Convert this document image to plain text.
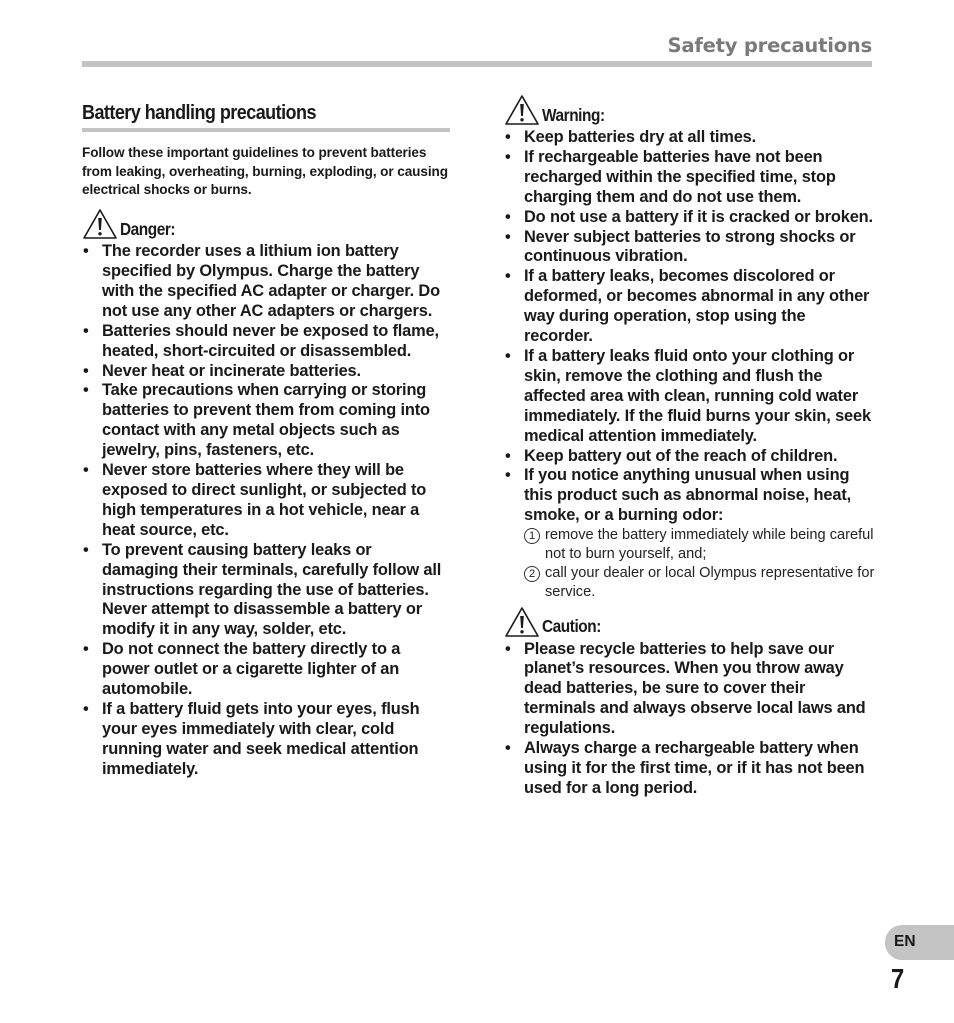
Safety precautions
Battery handling precautions

Follow these important guidelines to prevent batteries from leaking, overheating, burning, exploding, or causing electrical shocks or burns.

Danger:
• The recorder uses a lithium ion battery specified by Olympus. Charge the battery with the specified AC adapter or charger. Do not use any other AC adapters or chargers.
• Batteries should never be exposed to flame, heated, short-circuited or disassembled.
• Never heat or incinerate batteries.
• Take precautions when carrying or storing batteries to prevent them from coming into contact with any metal objects such as jewelry, pins, fasteners, etc.
• Never store batteries where they will be exposed to direct sunlight, or subjected to high temperatures in a hot vehicle, near a heat source, etc.
• To prevent causing battery leaks or damaging their terminals, carefully follow all instructions regarding the use of batteries. Never attempt to disassemble a battery or modify it in any way, solder, etc.
• Do not connect the battery directly to a power outlet or a cigarette lighter of an automobile.
• If a battery fluid gets into your eyes, flush your eyes immediately with clear, cold running water and seek medical attention immediately.
Warning:
• Keep batteries dry at all times.
• If rechargeable batteries have not been recharged within the specified time, stop charging them and do not use them.
• Do not use a battery if it is cracked or broken.
• Never subject batteries to strong shocks or continuous vibration.
• If a battery leaks, becomes discolored or deformed, or becomes abnormal in any other way during operation, stop using the recorder.
• If a battery leaks fluid onto your clothing or skin, remove the clothing and flush the affected area with clean, running cold water immediately. If the fluid burns your skin, seek medical attention immediately.
• Keep battery out of the reach of children.
• If you notice anything unusual when using this product such as abnormal noise, heat, smoke, or a burning odor:
1 remove the battery immediately while being careful not to burn yourself, and;
2 call your dealer or local Olympus representative for service.
Caution:
• Please recycle batteries to help save our planet’s resources. When you throw away dead batteries, be sure to cover their terminals and always observe local laws and regulations.
• Always charge a rechargeable battery when using it for the first time, or if it has not been used for a long period.
EN
7
